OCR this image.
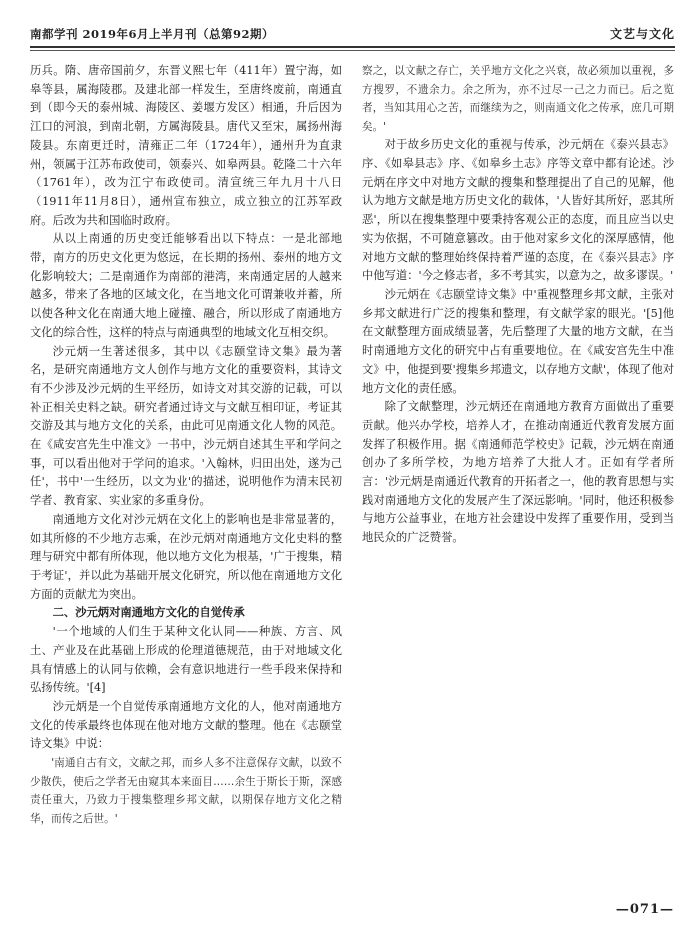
南都学刊 2019年6月上半月刊（总第92期）	文艺与文化

历兵。隋、唐帝国前夕，东晋义熙七年（411年）置宁海，如皋等县，属海陵郡。及建北部一样发生，至唐终废前，南通直到（即今天的泰州城、海陵区、姜堰方发区）相通，升后因为江口的河浪，到南北朝，方属海陵县。唐代又至宋，属扬州海陵县。东南更迁时，清雍正二年（1724年），通州升为直隶州，领属于江苏布政使司，领泰兴、如皋两县。乾隆二十六年（1761年），改为江宁布政使司。清宣统三年九月十八日（1911年11月8日），通州宣布独立，成立独立的江苏军政府。后改为共和国临时政府。

从以上南通的历史变迁能够看出以下特点：一是北部地带，南方的历史文化更为悠远，在长期的扬州、泰州的地方文化影响较大；二是南通作为南部的港湾，来南通定居的人越来越多，带来了各地的区域文化，在当地文化可谓兼收并蓄，所以使各种文化在南通大地上碰撞、融合，所以形成了南通地方文化的综合性，这样的特点与南通典型的地域文化互相交织。

沙元炳一生著述很多，其中以《志颐堂诗文集》最为著名，是研究南通地方文人创作与地方文化的重要资料，其诗文有不少涉及沙元炳的生平经历，如诗文对其交游的记载，可以补正相关史料之缺。研究者通过诗文与文献互相印证，考证其交游及其与地方文化的关系，由此可见南通文化人物的风范。在《咸安宫先生中准文》一书中，沙元炳自述其生平和学问之事，可以看出他对于学问的追求。'入翰林，归田出处，遂为己任'，书中'一生经历，以文为业'的描述，说明他作为清末民初学者、教育家、实业家的多重身份。

南通地方文化对沙元炳在文化上的影响也是非常显著的，如其所修的不少地方志乘，在沙元炳对南通地方文化史料的整理与研究中都有所体现，他以地方文化为根基，'广于搜集，精于考证'，并以此为基础开展文化研究，所以他在南通地方文化方面的贡献尤为突出。

二、沙元炳对南通地方文化的自觉传承

'一个地域的人们生于某种文化认同——种族、方言、风土、产业及在此基础上形成的伦理道德规范，由于对地域文化具有情感上的认同与依赖，会有意识地进行一些手段来保持和弘扬传统。'[4]

沙元炳是一个自觉传承南通地方文化的人，他对南通地方文化的传承最终也体现在他对地方文献的整理。他在《志颐堂诗文集》中说：

'南通自古有文，文献之邦，而乡人多不注意保存文献，以致不少散佚，使后之学者无由窥其本来面目……余生于斯长于斯，深感责任重大，乃致力于搜集整理乡邦文献，以期保存地方文化之精华，而传之后世。'

察之，以文献之存亡，关乎地方文化之兴衰，故必须加以重视，多方搜罗，不遗余力。余之所为，亦不过尽一己之力而已。后之览者，当知其用心之苦，而继续为之，则南通文化之传承，庶几可期矣。'

对于故乡历史文化的重视与传承，沙元炳在《泰兴县志》序、《如皋县志》序、《如皋乡土志》序等文章中都有论述。沙元炳在序文中对地方文献的搜集和整理提出了自己的见解，他认为地方文献是地方历史文化的载体，'人皆好其所好，恶其所恶'，所以在搜集整理中要秉持客观公正的态度，而且应当以史实为依据，不可随意篡改。由于他对家乡文化的深厚感情，他对地方文献的整理始终保持着严谨的态度，在《泰兴县志》序中他写道：'今之修志者，多不考其实，以意为之，故多谬误。'

沙元炳在《志颐堂诗文集》中'重视整理乡邦文献，主张对乡邦文献进行广泛的搜集和整理，有文献学家的眼光。'[5]他在文献整理方面成绩显著，先后整理了大量的地方文献，在当时南通地方文化的研究中占有重要地位。在《咸安宫先生中准文》中，他提到要'搜集乡邦遗文，以存地方文献'，体现了他对地方文化的责任感。

除了文献整理，沙元炳还在南通地方教育方面做出了重要贡献。他兴办学校，培养人才，在推动南通近代教育发展方面发挥了积极作用。据《南通师范学校史》记载，沙元炳在南通创办了多所学校，为地方培养了大批人才。正如有学者所言：'沙元炳是南通近代教育的开拓者之一，他的教育思想与实践对南通地方文化的发展产生了深远影响。'同时，他还积极参与地方公益事业，在地方社会建设中发挥了重要作用，受到当地民众的广泛赞誉。

—071—
